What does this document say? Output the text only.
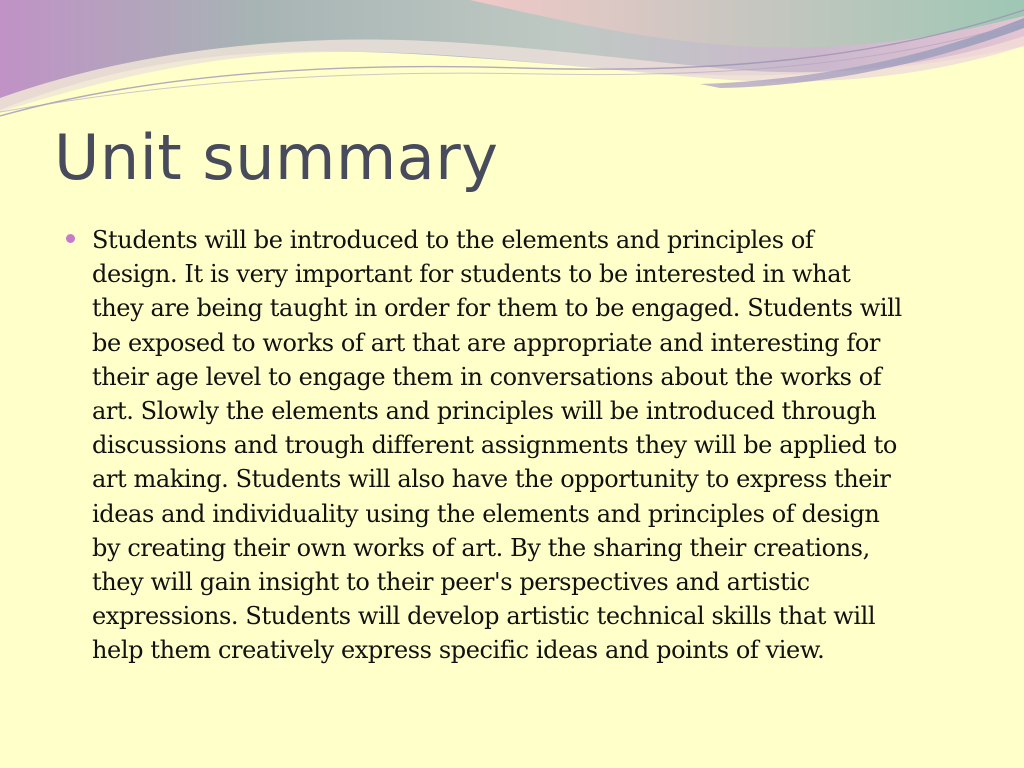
Unit summary
Students will be introduced to the elements and principles of
design. It is very important for students to be interested in what
they are being taught in order for them to be engaged. Students will
be exposed to works of art that are appropriate and interesting for
their age level to engage them in conversations about the works of
art. Slowly the elements and principles will be introduced through
discussions and trough different assignments they will be applied to
art making. Students will also have the opportunity to express their
ideas and individuality using the elements and principles of design
by creating their own works of art. By the sharing their creations,
they will gain insight to their peer's perspectives and artistic
expressions. Students will develop artistic technical skills that will
help them creatively express specific ideas and points of view.
